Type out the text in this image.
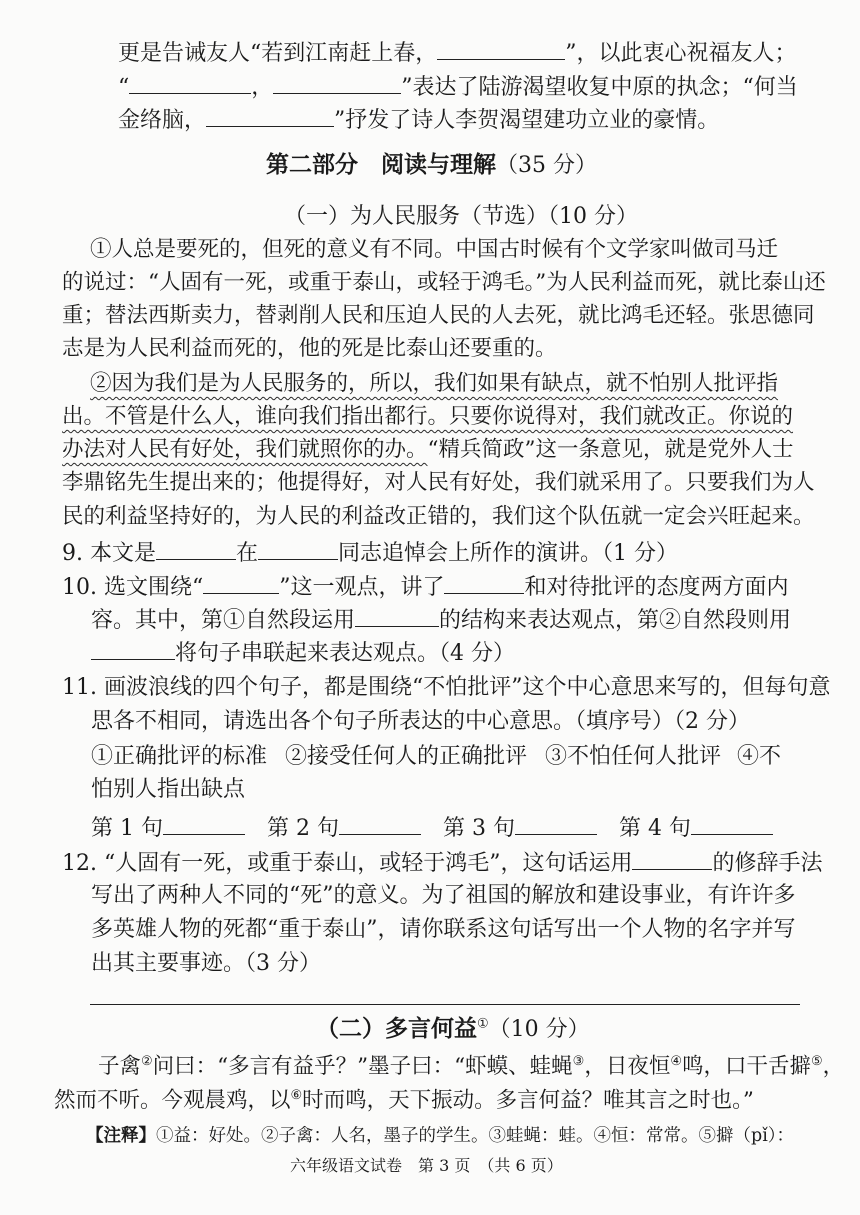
更是告诫友人“若到江南赶上春，	”，以此衷心祝福友人；
“	，	”表达了陆游渴望收复中原的执念；“何当
金络脑，	”抒发了诗人李贺渴望建功立业的豪情。
第二部分　阅读与理解（35 分）
（一）为人民服务（节选）（10 分）
①人总是要死的，但死的意义有不同。中国古时候有个文学家叫做司马迁
的说过：“人固有一死，或重于泰山，或轻于鸿毛。”为人民利益而死，就比泰山还
重；替法西斯卖力，替剥削人民和压迫人民的人去死，就比鸿毛还轻。张思德同
志是为人民利益而死的，他的死是比泰山还要重的。
②因为我们是为人民服务的，所以，我们如果有缺点，就不怕别人批评指
出。不管是什么人，谁向我们指出都行。只要你说得对，我们就改正。你说的
办法对人民有好处，我们就照你的办。“精兵简政”这一条意见，就是党外人士
李鼎铭先生提出来的；他提得好，对人民有好处，我们就采用了。只要我们为人
民的利益坚持好的，为人民的利益改正错的，我们这个队伍就一定会兴旺起来。
9. 本文是	在	同志追悼会上所作的演讲。（1 分）
10. 选文围绕“	”这一观点，讲了	和对待批评的态度两方面内
容。其中，第①自然段运用	的结构来表达观点，第②自然段则用
将句子串联起来表达观点。（4 分）
11. 画波浪线的四个句子，都是围绕“不怕批评”这个中心意思来写的，但每句意
思各不相同，请选出各个句子所表达的中心意思。（填序号）（2 分）
①正确批评的标准 ②接受任何人的正确批评 ③不怕任何人批评 ④不
怕别人指出缺点
第 1 句	第 2 句	第 3 句	第 4 句
12. “人固有一死，或重于泰山，或轻于鸿毛”，这句话运用	的修辞手法
写出了两种人不同的“死”的意义。为了祖国的解放和建设事业，有许许多
多英雄人物的死都“重于泰山”，请你联系这句话写出一个人物的名字并写
出其主要事迹。（3 分）
（二）多言何益①（10 分）
子禽②问曰：“多言有益乎？”墨子曰：“虾蟆、蛙蝇③，日夜恒④鸣，口干舌擗⑤，
然而不听。今观晨鸡，以⑥时而鸣，天下振动。多言何益？唯其言之时也。”
【注释】①益：好处。②子禽：人名，墨子的学生。③蛙蝇：蛙。④恒：常常。⑤擗（pǐ）：
六年级语文试卷　第 3 页　（共 6 页）
